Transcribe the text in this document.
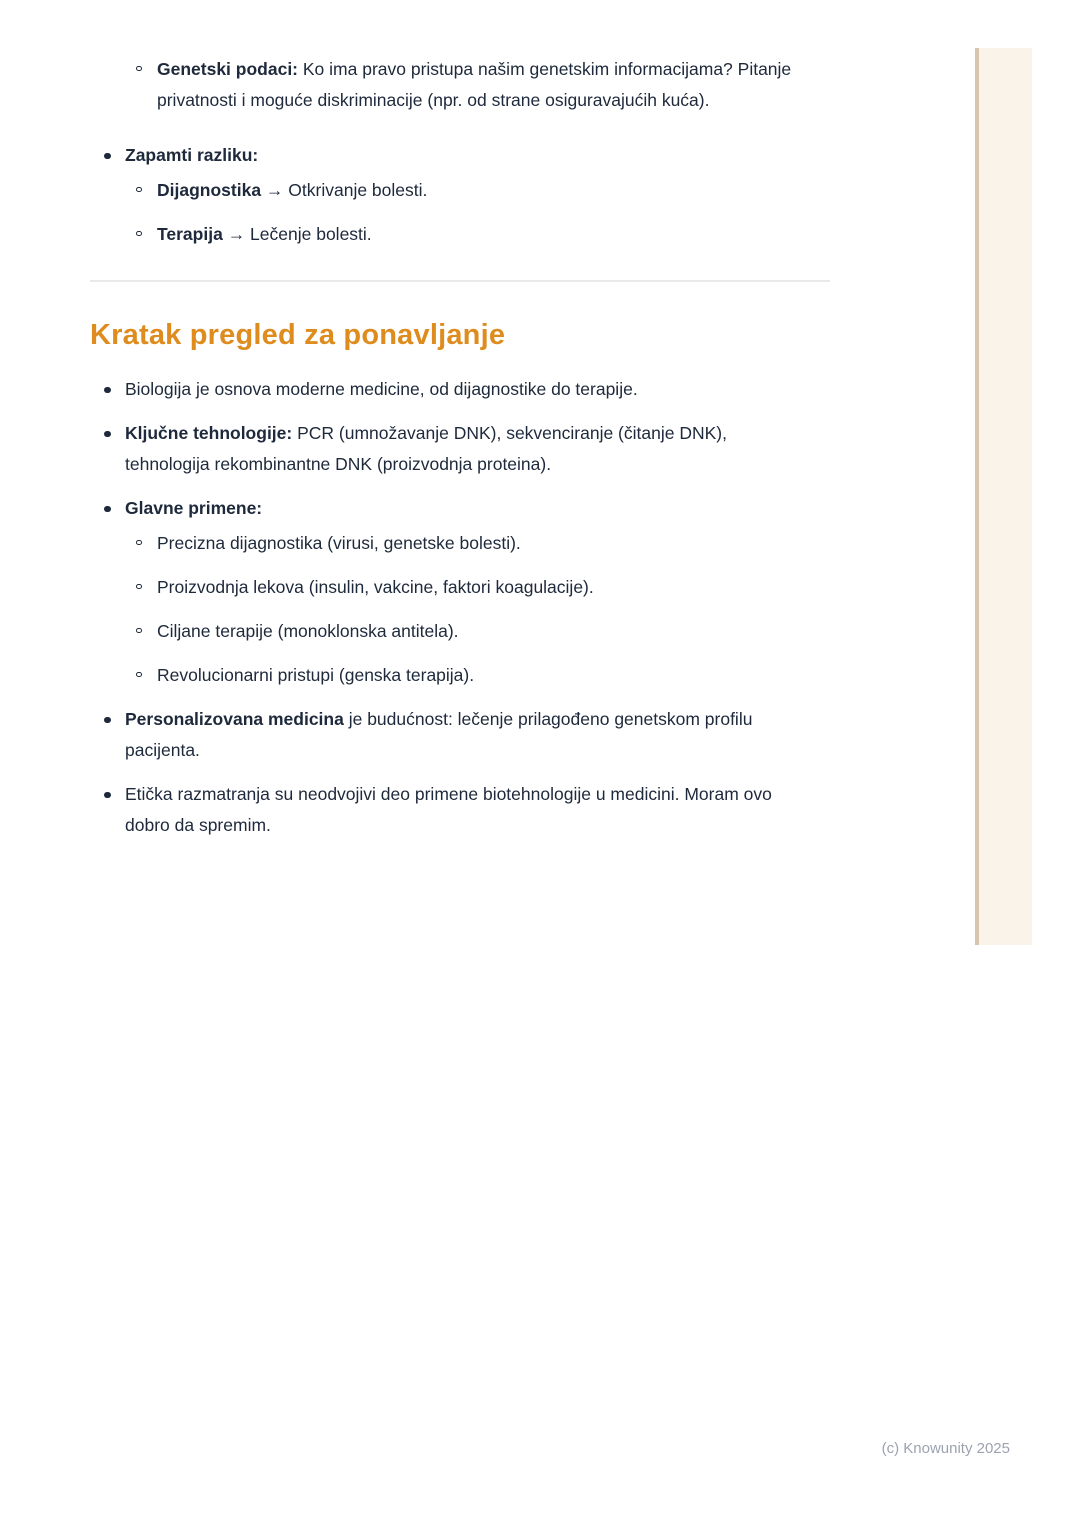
Genetski podaci: Ko ima pravo pristupa našim genetskim informacijama? Pitanje privatnosti i moguće diskriminacije (npr. od strane osiguravajućih kuća).
Zapamti razliku:
Dijagnostika → Otkrivanje bolesti.
Terapija → Lečenje bolesti.
Kratak pregled za ponavljanje
Biologija je osnova moderne medicine, od dijagnostike do terapije.
Ključne tehnologije: PCR (umnožavanje DNK), sekvenciranje (čitanje DNK), tehnologija rekombinantne DNK (proizvodnja proteina).
Glavne primene:
Precizna dijagnostika (virusi, genetske bolesti).
Proizvodnja lekova (insulin, vakcine, faktori koagulacije).
Ciljane terapije (monoklonska antitela).
Revolucionarni pristupi (genska terapija).
Personalizovana medicina je budućnost: lečenje prilagođeno genetskom profilu pacijenta.
Etička razmatranja su neodvojivi deo primene biotehnologije u medicini. Moram ovo dobro da spremim.
(c) Knowunity 2025
